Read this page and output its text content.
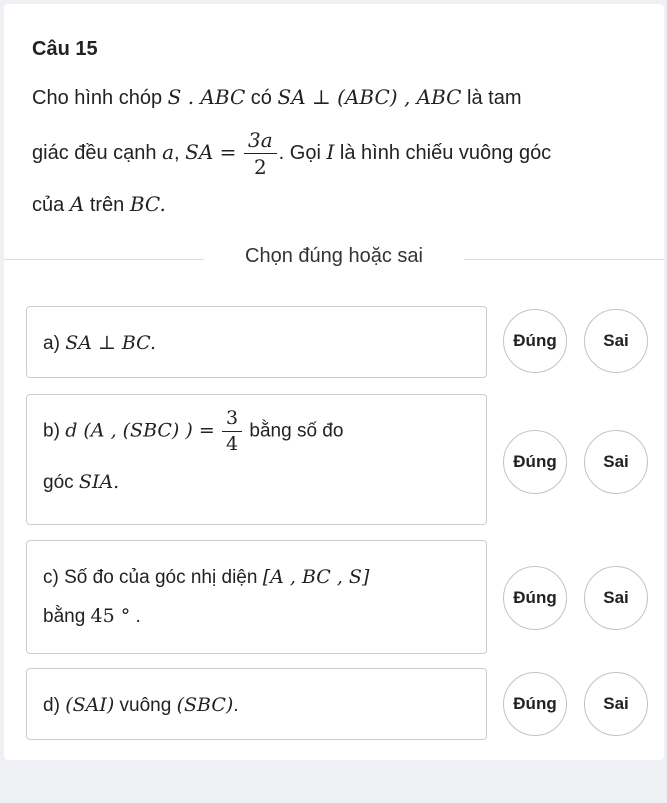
Câu 15
Cho hình chóp S . ABC có SA ⊥ (ABC) , ABC là tam
giác đều cạnh a, SA = $\frac{3a}{2}$ . Gọi I là hình chiếu vuông góc
của A trên BC.
Chọn đúng hoặc sai
a) SA ⊥ BC.	Đúng	Sai
b) d (A , (SBC) ) = $\frac{3}{4}$ bằng số đo
góc SIA.
Đúng	Sai
c) Số đo của góc nhị diện [A , BC , S]
bằng 45 ° .
Đúng	Sai
d) (SAI) vuông (SBC).	Đúng	Sai
